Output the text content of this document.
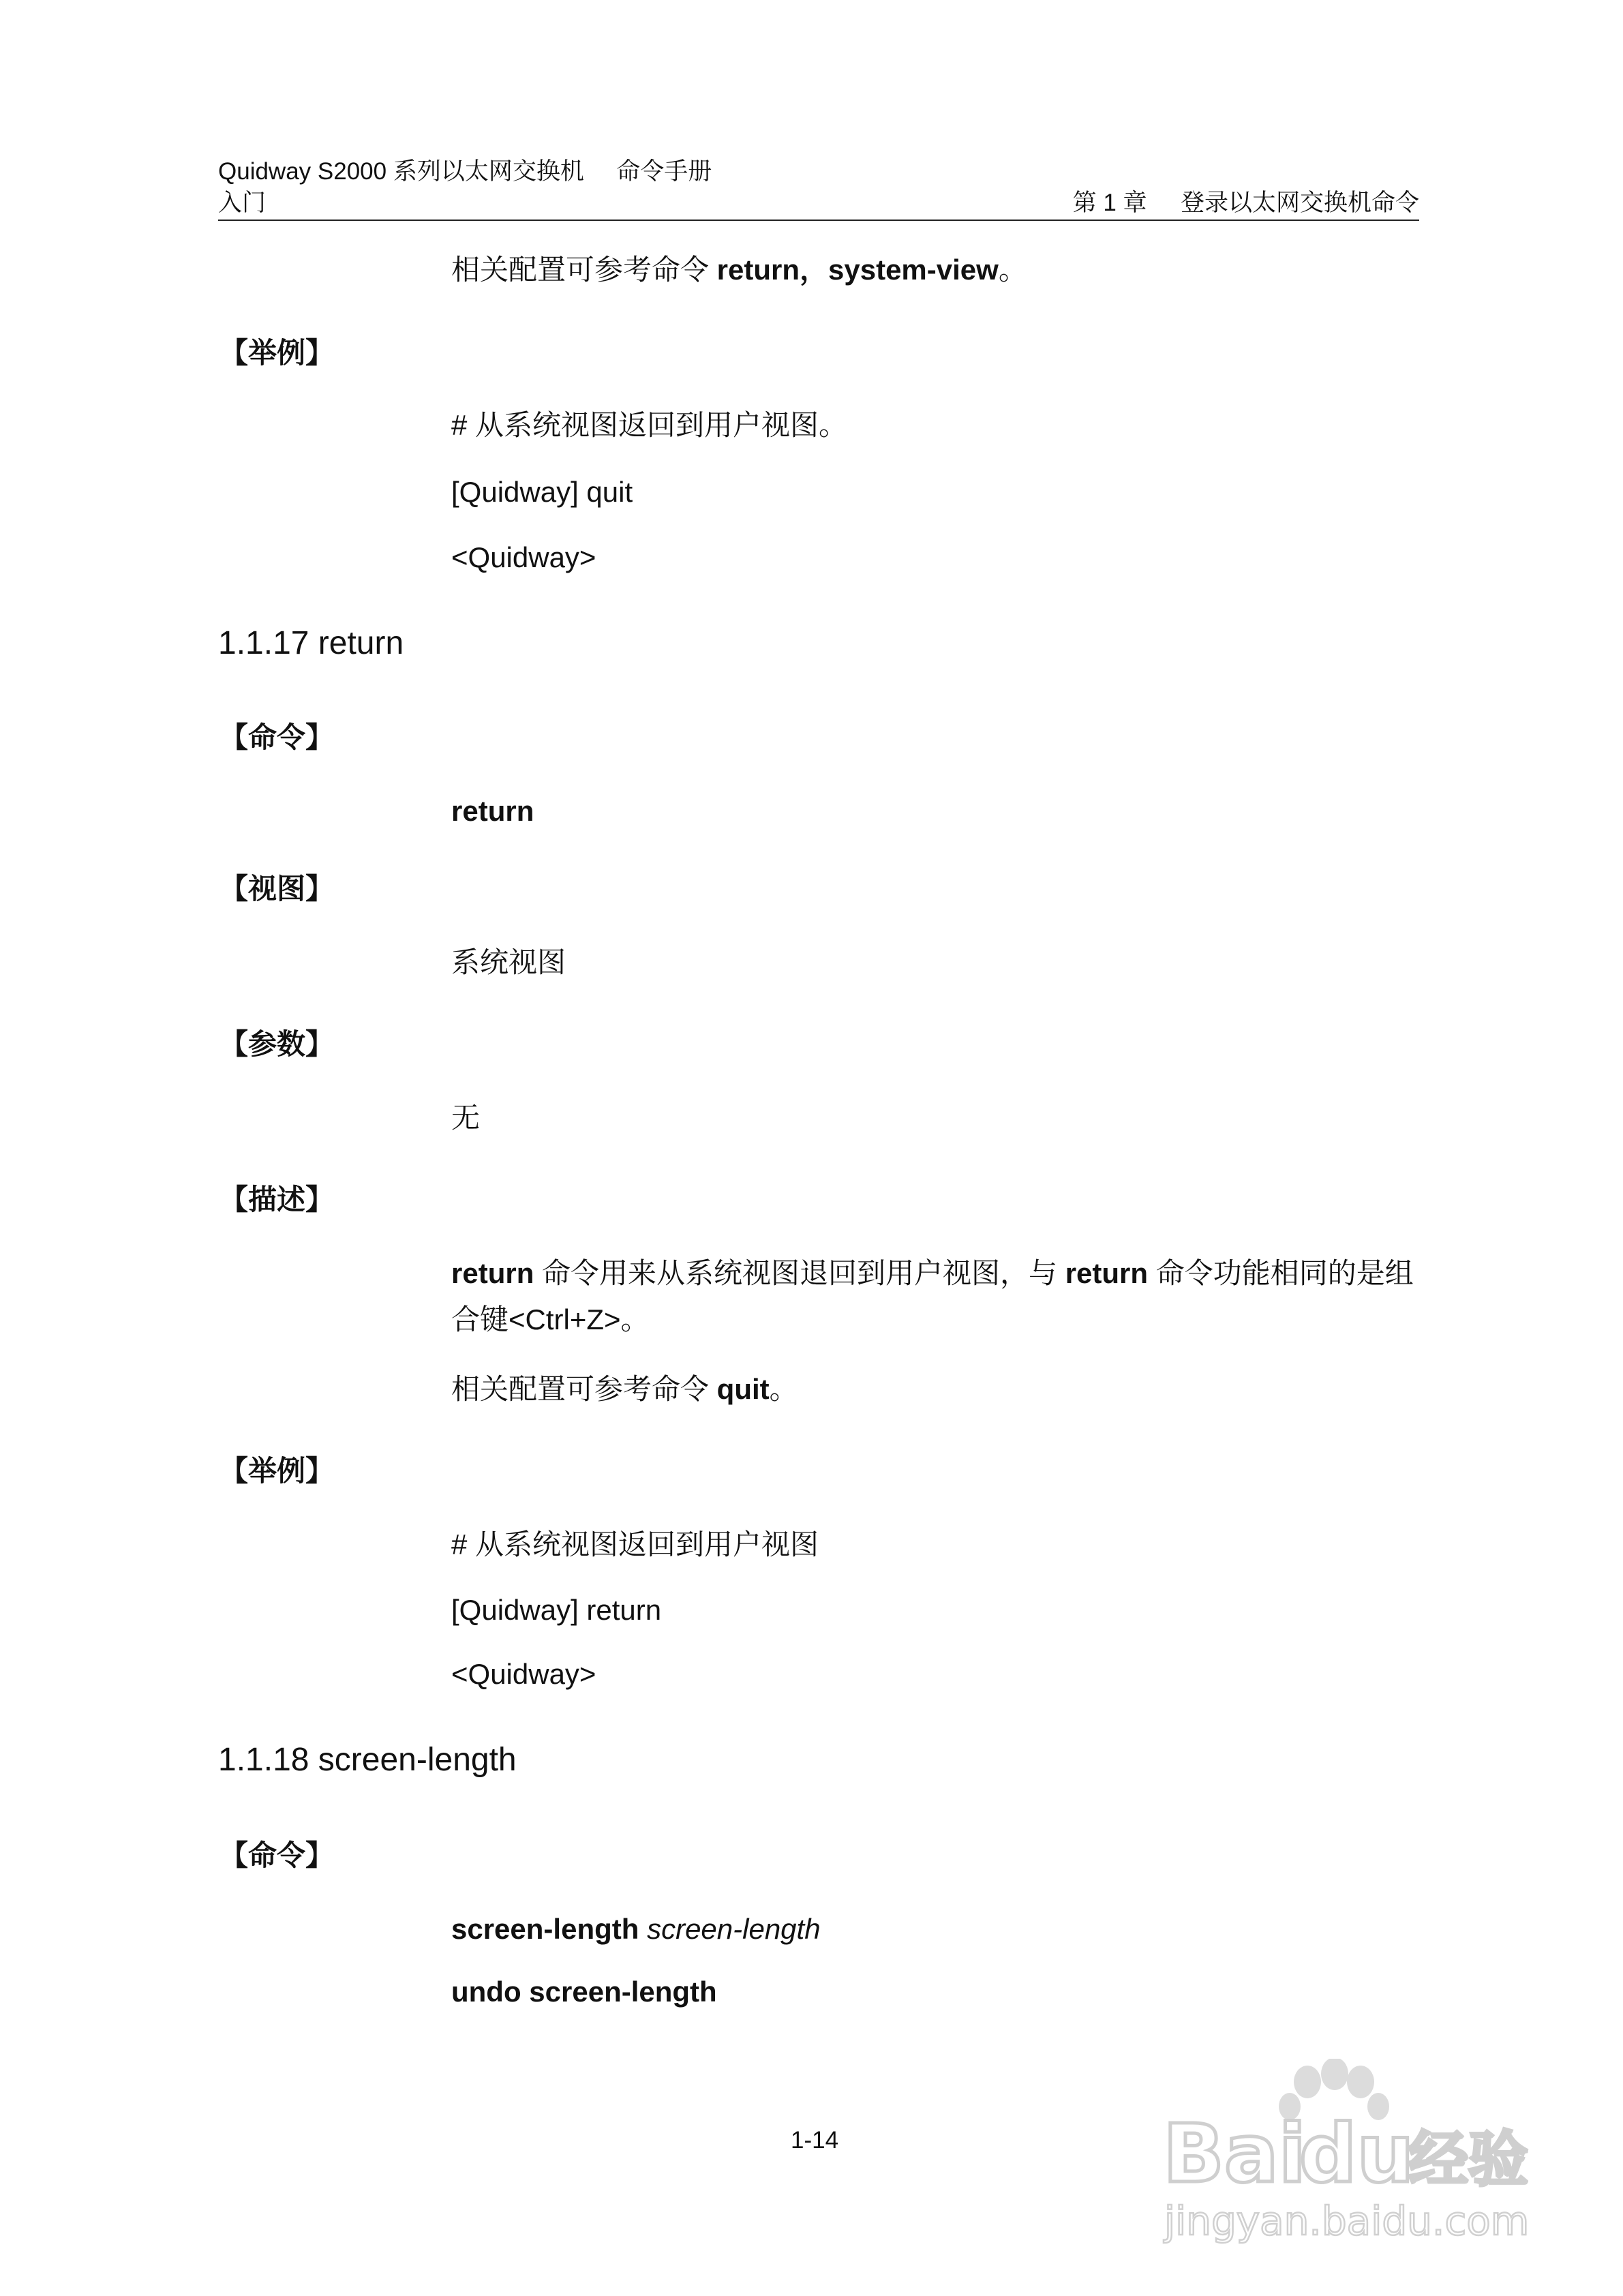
Quidway S2000 系列以太网交换机 命令手册
入门	第 1 章 登录以太网交换机命令
相关配置可参考命令 return，system-view。
【举例】
# 从系统视图返回到用户视图。
[Quidway] quit
<Quidway>
1.1.17 return
【命令】
return
【视图】
系统视图
【参数】
无
【描述】
return 命令用来从系统视图退回到用户视图，与 return 命令功能相同的是组
合键<Ctrl+Z>。
相关配置可参考命令 quit。
【举例】
# 从系统视图返回到用户视图
[Quidway] return
<Quidway>
1.1.18 screen-length
【命令】
screen-length screen-length
undo screen-length
1-14	Bai
du
经验
jingyan.baidu.com
